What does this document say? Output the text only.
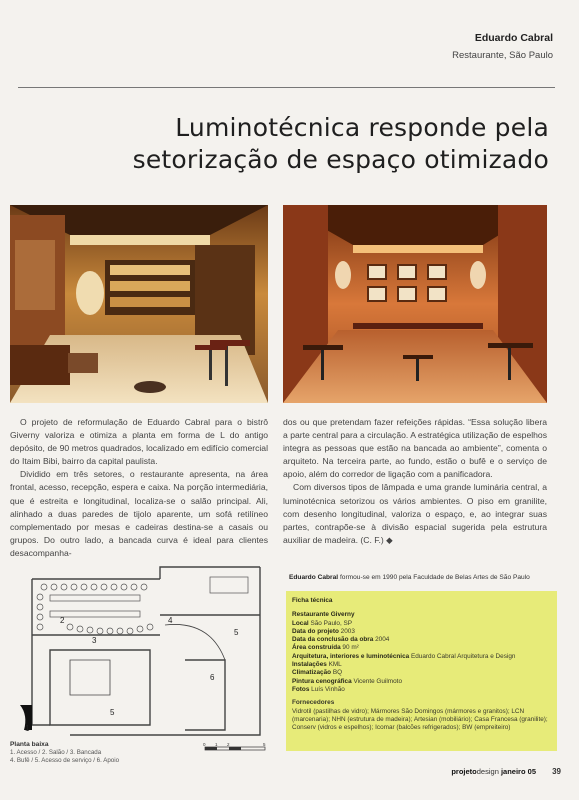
Eduardo Cabral
Restaurante, São Paulo
Luminotécnica responde pela
setorização de espaço otimizado

O projeto de reformulação de Eduardo Cabral para o bistrô Giverny valoriza e otimiza a planta em forma de L do antigo depósito, de 90 metros quadrados, localizado em edifício comercial do Itaim Bibi, bairro da capital paulista.

Dividido em três setores, o restaurante apresenta, na área frontal, acesso, recepção, espera e caixa. Na porção intermediária, que é estreita e longitudinal, localiza-se o salão principal. Ali, alinhado a duas paredes de tijolo aparente, um sofá retilíneo complementado por mesas e cadeiras destina-se a casais ou grupos. Do outro lado, a bancada curva é ideal para clientes desacompanha-

dos ou que pretendam fazer refeições rápidas. “Essa solução libera a parte central para a circulação. A estratégica utilização de espelhos integra as pessoas que estão na bancada ao ambiente”, comenta o arquiteto. Na terceira parte, ao fundo, estão o bufê e o serviço de apoio, além do corredor de ligação com a panificadora.

Com diversos tipos de lâmpada e uma grande luminária central, a luminotécnica setorizou os vários ambientes. O piso em granilite, com desenho longitudinal, valoriza o espaço, e, ao integrar suas partes, contrapõe-se à divisão espacial sugerida pela estrutura auxiliar de madeira. (C. F.) ◆

1
2
3
4
5
5
6
0 1 2	5
Planta baixa
1. Acesso / 2. Salão / 3. Bancada
4. Bufê / 5. Acesso de serviço / 6. Apoio
Eduardo Cabral formou-se em 1990 pela Faculdade de Belas Artes de São Paulo
Ficha técnica
Restaurante Giverny
Local São Paulo, SP
Data do projeto 2003
Data da conclusão da obra 2004
Área construída 90 m²
Arquitetura, interiores e luminotécnica Eduardo Cabral Arquitetura e Design
Instalações KML
Climatização BQ
Pintura cenográfica Vicente Guilmoto
Fotos Luís Vinhão
Fornecedores
Vidrotil (pastilhas de vidro); Mármores São Domingos (mármores e granitos); LCN (marcenaria); NHN (estrutura de madeira); Artesian (mobiliário); Casa Francesa (granilite); Conserv (vidros e espelhos); Icomar (balcões refrigerados); BW (empreiteiro)
projetodesign janeiro 05 39
